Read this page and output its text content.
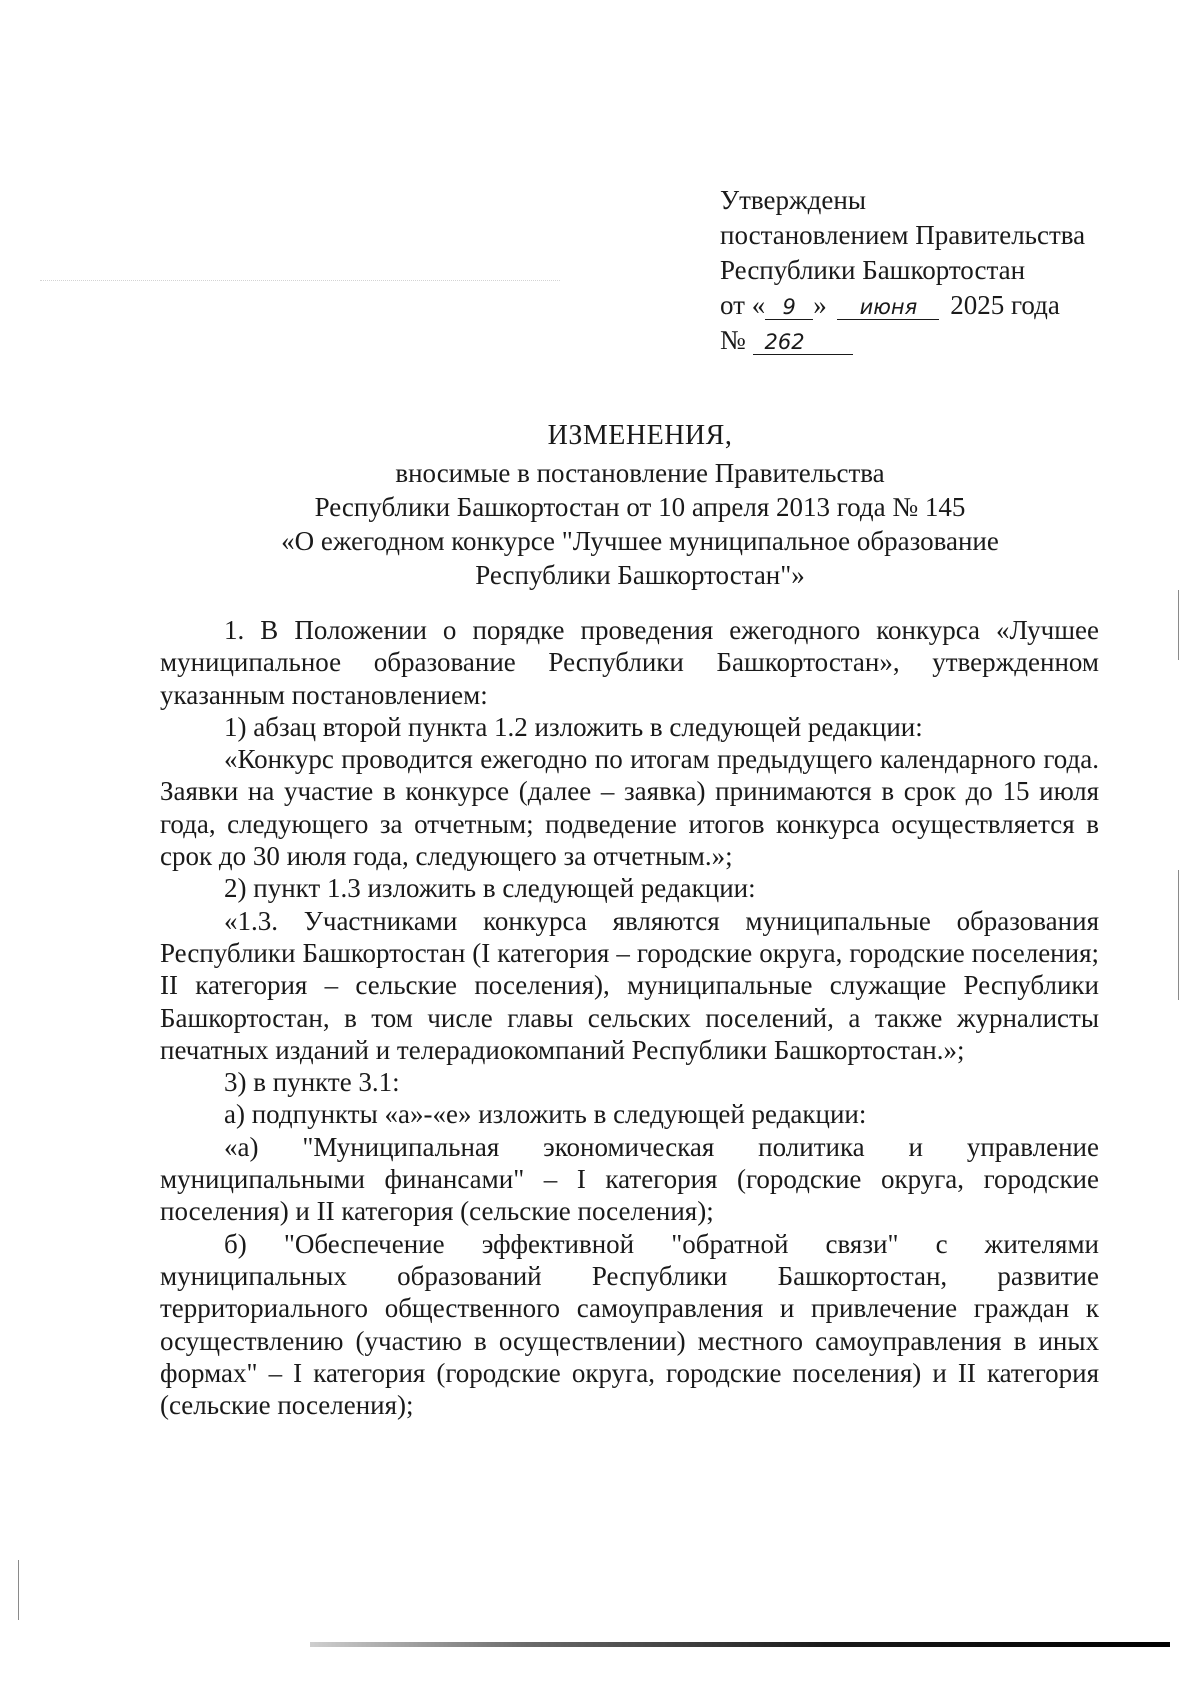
Утверждены
постановлением Правительства
Республики Башкортостан
от « 9 » июня 2025 года
№ 262
ИЗМЕНЕНИЯ,
вносимые в постановление Правительства
Республики Башкортостан от 10 апреля 2013 года № 145
«О ежегодном конкурсе "Лучшее муниципальное образование
Республики Башкортостан"»

1. В Положении о порядке проведения ежегодного конкурса «Лучшее муниципальное образование Республики Башкортостан», утвержденном указанным постановлением:

1) абзац второй пункта 1.2 изложить в следующей редакции:

«Конкурс проводится ежегодно по итогам предыдущего календарного года. Заявки на участие в конкурсе (далее – заявка) принимаются в срок до 15 июля года, следующего за отчетным; подведение итогов конкурса осуществляется в срок до 30 июля года, следующего за отчетным.»;

2) пункт 1.3 изложить в следующей редакции:

«1.3. Участниками конкурса являются муниципальные образования Республики Башкортостан (I категория – городские округа, городские поселения; II категория – сельские поселения), муниципальные служащие Республики Башкортостан, в том числе главы сельских поселений, а также журналисты печатных изданий и телерадиокомпаний Республики Башкортостан.»;

3) в пункте 3.1:

а) подпункты «а»-«е» изложить в следующей редакции:

«а) "Муниципальная экономическая политика и управление муниципальными финансами" – I категория (городские округа, городские поселения) и II категория (сельские поселения);

б) "Обеспечение эффективной "обратной связи" с жителями муниципальных образований Республики Башкортостан, развитие территориального общественного самоуправления и привлечение граждан к осуществлению (участию в осуществлении) местного самоуправления в иных формах" – I категория (городские округа, городские поселения) и II категория (сельские поселения);
